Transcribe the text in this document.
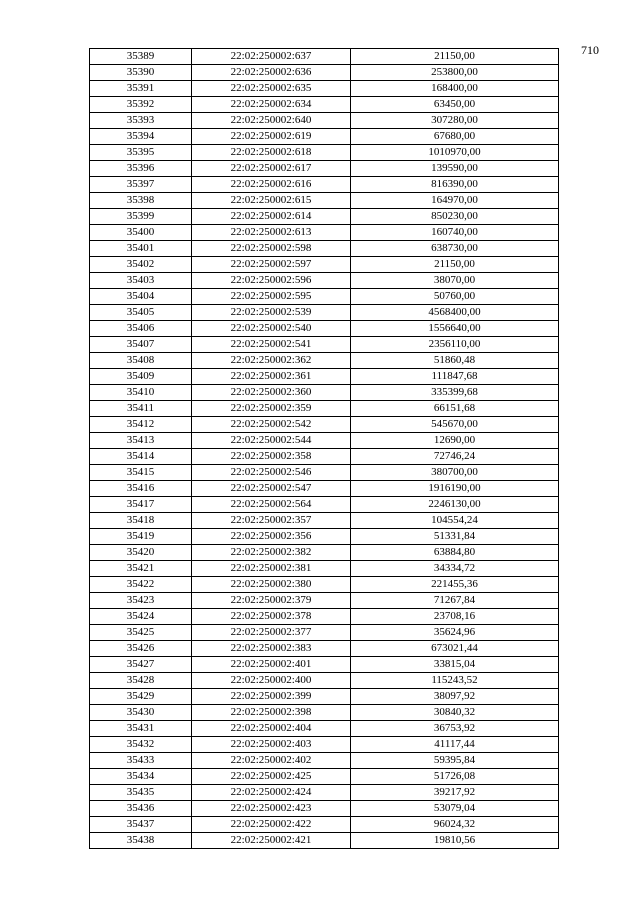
710
35389	22:02:250002:637	21150,00
35390	22:02:250002:636	253800,00
35391	22:02:250002:635	168400,00
35392	22:02:250002:634	63450,00
35393	22:02:250002:640	307280,00
35394	22:02:250002:619	67680,00
35395	22:02:250002:618	1010970,00
35396	22:02:250002:617	139590,00
35397	22:02:250002:616	816390,00
35398	22:02:250002:615	164970,00
35399	22:02:250002:614	850230,00
35400	22:02:250002:613	160740,00
35401	22:02:250002:598	638730,00
35402	22:02:250002:597	21150,00
35403	22:02:250002:596	38070,00
35404	22:02:250002:595	50760,00
35405	22:02:250002:539	4568400,00
35406	22:02:250002:540	1556640,00
35407	22:02:250002:541	2356110,00
35408	22:02:250002:362	51860,48
35409	22:02:250002:361	111847,68
35410	22:02:250002:360	335399,68
35411	22:02:250002:359	66151,68
35412	22:02:250002:542	545670,00
35413	22:02:250002:544	12690,00
35414	22:02:250002:358	72746,24
35415	22:02:250002:546	380700,00
35416	22:02:250002:547	1916190,00
35417	22:02:250002:564	2246130,00
35418	22:02:250002:357	104554,24
35419	22:02:250002:356	51331,84
35420	22:02:250002:382	63884,80
35421	22:02:250002:381	34334,72
35422	22:02:250002:380	221455,36
35423	22:02:250002:379	71267,84
35424	22:02:250002:378	23708,16
35425	22:02:250002:377	35624,96
35426	22:02:250002:383	673021,44
35427	22:02:250002:401	33815,04
35428	22:02:250002:400	115243,52
35429	22:02:250002:399	38097,92
35430	22:02:250002:398	30840,32
35431	22:02:250002:404	36753,92
35432	22:02:250002:403	41117,44
35433	22:02:250002:402	59395,84
35434	22:02:250002:425	51726,08
35435	22:02:250002:424	39217,92
35436	22:02:250002:423	53079,04
35437	22:02:250002:422	96024,32
35438	22:02:250002:421	19810,56
